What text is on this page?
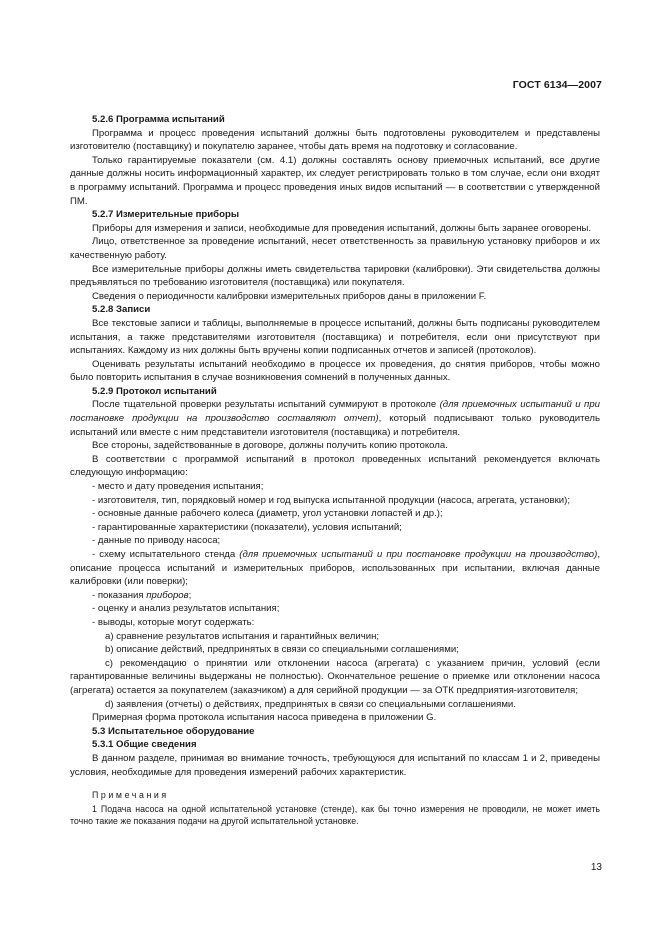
ГОСТ 6134—2007

5.2.6 Программа испытаний

Программа и процесс проведения испытаний должны быть подготовлены руководителем и представлены изготовителю (поставщику) и покупателю заранее, чтобы дать время на подготовку и согласование.

Только гарантируемые показатели (см. 4.1) должны составлять основу приемочных испытаний, все другие данные должны носить информационный характер, их следует регистрировать только в том случае, если они входят в программу испытаний. Программа и процесс проведения иных видов испытаний — в соответствии с утвержденной ПМ.

5.2.7 Измерительные приборы

Приборы для измерения и записи, необходимые для проведения испытаний, должны быть заранее оговорены.

Лицо, ответственное за проведение испытаний, несет ответственность за правильную установку приборов и их качественную работу.

Все измерительные приборы должны иметь свидетельства тарировки (калибровки). Эти свидетельства должны предъявляться по требованию изготовителя (поставщика) или покупателя.

Сведения о периодичности калибровки измерительных приборов даны в приложении F.

5.2.8 Записи

Все текстовые записи и таблицы, выполняемые в процессе испытаний, должны быть подписаны руководителем испытания, а также представителями изготовителя (поставщика) и потребителя, если они присутствуют при испытаниях. Каждому из них должны быть вручены копии подписанных отчетов и записей (протоколов).

Оценивать результаты испытаний необходимо в процессе их проведения, до снятия приборов, чтобы можно было повторить испытания в случае возникновения сомнений в полученных данных.

5.2.9 Протокол испытаний

После тщательной проверки результаты испытаний суммируют в протоколе (для приемочных испытаний и при постановке продукции на производство составляют отчет), который подписывают только руководитель испытаний или вместе с ним представители изготовителя (поставщика) и потребителя.

Все стороны, задействованные в договоре, должны получить копию протокола.

В соответствии с программой испытаний в протокол проведенных испытаний рекомендуется включать следующую информацию:

- место и дату проведения испытания;

- изготовителя, тип, порядковый номер и год выпуска испытанной продукции (насоса, агрегата, установки);

- основные данные рабочего колеса (диаметр, угол установки лопастей и др.);

- гарантированные характеристики (показатели), условия испытаний;

- данные по приводу насоса;

- схему испытательного стенда (для приемочных испытаний и при постановке продукции на производство), описание процесса испытаний и измерительных приборов, использованных при испытании, включая данные калибровки (или поверки);

- показания приборов;

- оценку и анализ результатов испытания;

- выводы, которые могут содержать:

а) сравнение результатов испытания и гарантийных величин;

b) описание действий, предпринятых в связи со специальными соглашениями;

с) рекомендацию о принятии или отклонении насоса (агрегата) с указанием причин, условий (если гарантированные величины выдержаны не полностью). Окончательное решение о приемке или отклонении насоса (агрегата) остается за покупателем (заказчиком) а для серийной продукции — за ОТК предприятия-изготовителя;

d) заявления (отчеты) о действиях, предпринятых в связи со специальными соглашениями.

Примерная форма протокола испытания насоса приведена в приложении G.

5.3 Испытательное оборудование

5.3.1 Общие сведения

В данном разделе, принимая во внимание точность, требующуюся для испытаний по классам 1 и 2, приведены условия, необходимые для проведения измерений рабочих характеристик.

Примечания

1 Подача насоса на одной испытательной установке (стенде), как бы точно измерения не проводили, не может иметь точно такие же показания подачи на другой испытательной установке.

13
